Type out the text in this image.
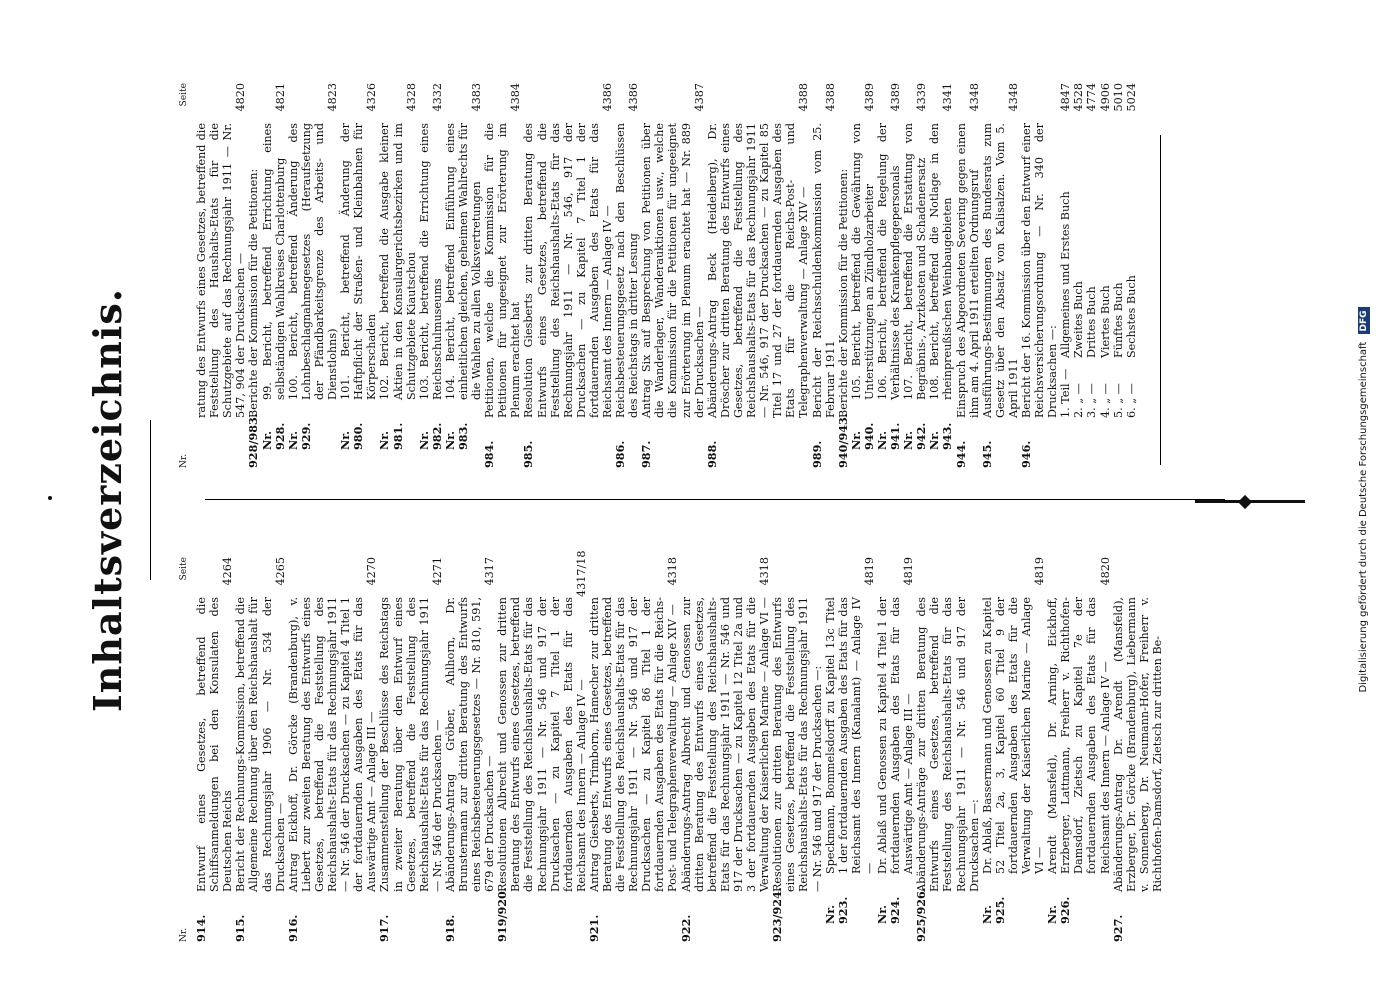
Inhaltsverzeichnis.
Nr.
Seite
914.
Entwurf eines Gesetzes, betreffend die Schiffsanmeldungen bei den Konsulaten des Deutschen Reichs
4264
915.
Bericht der Rechnungs-Kommission, betreffend die Allgemeine Rechnung über den Reichshaushalt für das Rechnungsjahr 1906 — Nr. 534 der Drucksachen —
4265
916.
Antrag Eickhoff, Dr. Görcke (Brandenburg), v. Liebert zur zweiten Beratung des Entwurfs eines Gesetzes, betreffend die Feststellung des Reichshaushalts-Etats für das Rechnungsjahr 1911 — Nr. 546 der Drucksachen — zu Kapitel 4 Titel 1 der fortdauernden Ausgaben des Etats für das Auswärtige Amt — Anlage III —
4270
917.
Zusammenstellung der Beschlüsse des Reichstags in zweiter Beratung über den Entwurf eines Gesetzes, betreffend die Feststellung des Reichshaushalts-Etats für das Rechnungsjahr 1911 — Nr. 546 der Drucksachen —
4271
918.
Abänderungs-Antrag Gröber, Ahlhorn, Dr. Brunstermann zur dritten Beratung des Entwurfs eines Reichsbesteuerungsgesetzes — Nr. 810, 591, 679 der Drucksachen —
4317
919/920.
Resolutionen Albrecht und Genossen zur dritten Beratung des Entwurfs eines Gesetzes, betreffend die Feststellung des Reichshaushalts-Etats für das Rechnungsjahr 1911 — Nr. 546 und 917 der Drucksachen — zu Kapitel 7 Titel 1 der fortdauernden Ausgaben des Etats für das Reichsamt des Innern — Anlage IV —
4317/18
921.
Antrag Giesberts, Trimborn, Hamecher zur dritten Beratung des Entwurfs eines Gesetzes, betreffend die Feststellung des Reichshaushalts-Etats für das Rechnungsjahr 1911 — Nr. 546 und 917 der Drucksachen — zu Kapitel 86 Titel 1 der fortdauernden Ausgaben des Etats für die Reichs-Post- und Telegraphenverwaltung — Anlage XIV —
4318
922.
Abänderungs-Antrag Albrecht und Genossen zur dritten Beratung des Entwurfs eines Gesetzes, betreffend die Feststellung des Reichshaushalts-Etats für das Rechnungsjahr 1911 — Nr. 546 und 917 der Drucksachen — zu Kapitel 12 Titel 2a und 3 der fortdauernden Ausgaben des Etats für die Verwaltung der Kaiserlichen Marine — Anlage VI —
4318
923/924.
Resolutionen zur dritten Beratung des Entwurfs eines Gesetzes, betreffend die Feststellung des Reichshaushalts-Etats für das Rechnungsjahr 1911 — Nr. 546 und 917 der Drucksachen —:
Nr. 923.
Speckmann, Bommelsdorff zu Kapitel 13c Titel 1 der fortdauernden Ausgaben des Etats für das Reichsamt des Innern (Kanalamt) — Anlage IV —
4819
Nr. 924.
Dr. Ablaß und Genossen zu Kapitel 4 Titel 1 der fortdauernden Ausgaben des Etats für das Auswärtige Amt — Anlage III —
4819
925/926.
Abänderungs-Anträge zur dritten Beratung des Entwurfs eines Gesetzes, betreffend die Feststellung des Reichshaushalts-Etats für das Rechnungsjahr 1911 — Nr. 546 und 917 der Drucksachen —:
Nr. 925.
Dr. Ablaß, Bassermann und Genossen zu Kapitel 52 Titel 2a, 3, Kapitel 60 Titel 9 der fortdauernden Ausgaben des Etats für die Verwaltung der Kaiserlichen Marine — Anlage VI —
4819
Nr. 926.
Arendt (Mansfeld), Dr. Arning, Eickhoff, Erzberger, Lattmann, Freiherr v. Richthofen-Damsdorf, Zietsch zu Kapitel 7e der fortdauernden Ausgaben des Etats für das Reichsamt des Innern — Anlage IV —
4820
927.
Abänderungs-Antrag Dr. Arendt (Mansfeld), Erzberger, Dr. Görcke (Brandenburg), Liebermann v. Sonnenberg, Dr. Neumann-Hofer, Freiherr v. Richthofen-Damsdorf, Zietsch zur dritten Be-
Nr.
Seite
ratung des Entwurfs eines Gesetzes, betreffend die Feststellung des Haushalts-Etats für die Schutzgebiete auf das Rechnungsjahr 1911 — Nr. 547, 904 der Drucksachen —
4820
928/983.
Berichte der Kommission für die Petitionen:
Nr. 928.
99. Bericht, betreffend Errichtung eines selbständigen Wahlkreises Charlottenburg
4821
Nr. 929.
100. Bericht, betreffend Änderung des Lohnbeschlagnahmegesetzes (Heraufsetzung der Pfändbarkeitsgrenze des Arbeits- und Dienstlohns)
4823
Nr. 980.
101. Bericht, betreffend Änderung der Haftpflicht der Straßen- und Kleinbahnen für Körperschaden
4326
Nr. 981.
102. Bericht, betreffend die Ausgabe kleiner Aktien in den Konsulargerichtsbezirken und im Schutzgebiete Kiautschou
4328
Nr. 982.
103. Bericht, betreffend die Errichtung eines Reichsschulmuseums
4332
Nr. 983.
104. Bericht, betreffend Einführung eines einheitlichen gleichen, geheimen Wahlrechts für die Wahlen zu allen Volksvertretungen
4383
984.
Petitionen, welche die Kommission für die Petitionen für ungeeignet zur Erörterung im Plenum erachtet hat
4384
985.
Resolution Giesberts zur dritten Beratung des Entwurfs eines Gesetzes, betreffend die Feststellung des Reichshaushalts-Etats für das Rechnungsjahr 1911 — Nr. 546, 917 der Drucksachen — zu Kapitel 7 Titel 1 der fortdauernden Ausgaben des Etats für das Reichsamt des Innern — Anlage IV —
4386
986.
Reichsbesteuerungsgesetz nach den Beschlüssen des Reichstags in dritter Lesung
4386
987.
Antrag Six auf Besprechung von Petitionen über die Wanderlager, Wanderauktionen usw., welche die Kommission für die Petitionen für ungeeignet zur Erörterung im Plenum erachtet hat — Nr. 889 der Drucksachen —
4387
988.
Abänderungs-Antrag Beck (Heidelberg), Dr. Dröscher zur dritten Beratung des Entwurfs eines Gesetzes, betreffend die Feststellung des Reichshaushalts-Etats für das Rechnungsjahr 1911 — Nr. 546, 917 der Drucksachen — zu Kapitel 85 Titel 17 und 27 der fortdauernden Ausgaben des Etats für die Reichs-Post- und Telegraphenverwaltung — Anlage XIV —
4388
989.
Bericht der Reichsschuldenkommission vom 25. Februar 1911
4388
940/943.
Berichte der Kommission für die Petitionen:
Nr. 940.
105. Bericht, betreffend die Gewährung von Unterstützungen an Zündholzarbeiter
4389
Nr. 941.
106. Bericht, betreffend die Regelung der Verhältnisse des Krankenpflegepersonals
4389
Nr. 942.
107. Bericht, betreffend die Erstattung von Begräbnis-, Arztkosten und Schadenersatz
4339
Nr. 943.
108. Bericht, betreffend die Notlage in den rheinpreußischen Weinbaugebieten
4341
944.
Einspruch des Abgeordneten Severing gegen einen ihm am 4. April 1911 erteilten Ordnungsruf
4348
945.
Ausführungs-Bestimmungen des Bundesrats zum Gesetz über den Absatz von Kalisalzen. Vom 5. April 1911
4348
946.
Bericht der 16. Kommission über den Entwurf einer Reichsversicherungsordnung — Nr. 340 der Drucksachen —: 1. Teil —
Allgemeines und Erstes Buch
4847
2. „ —
Zweites Buch
4528
3. „ —
Drittes Buch
4774
4. „ —
Viertes Buch
4906
5. „ —
Fünftes Buch
5010
6. „ —
Sechstes Buch
5024
Digitalisierung gefördert durch die Deutsche Forschungsgemeinschaft DFG
